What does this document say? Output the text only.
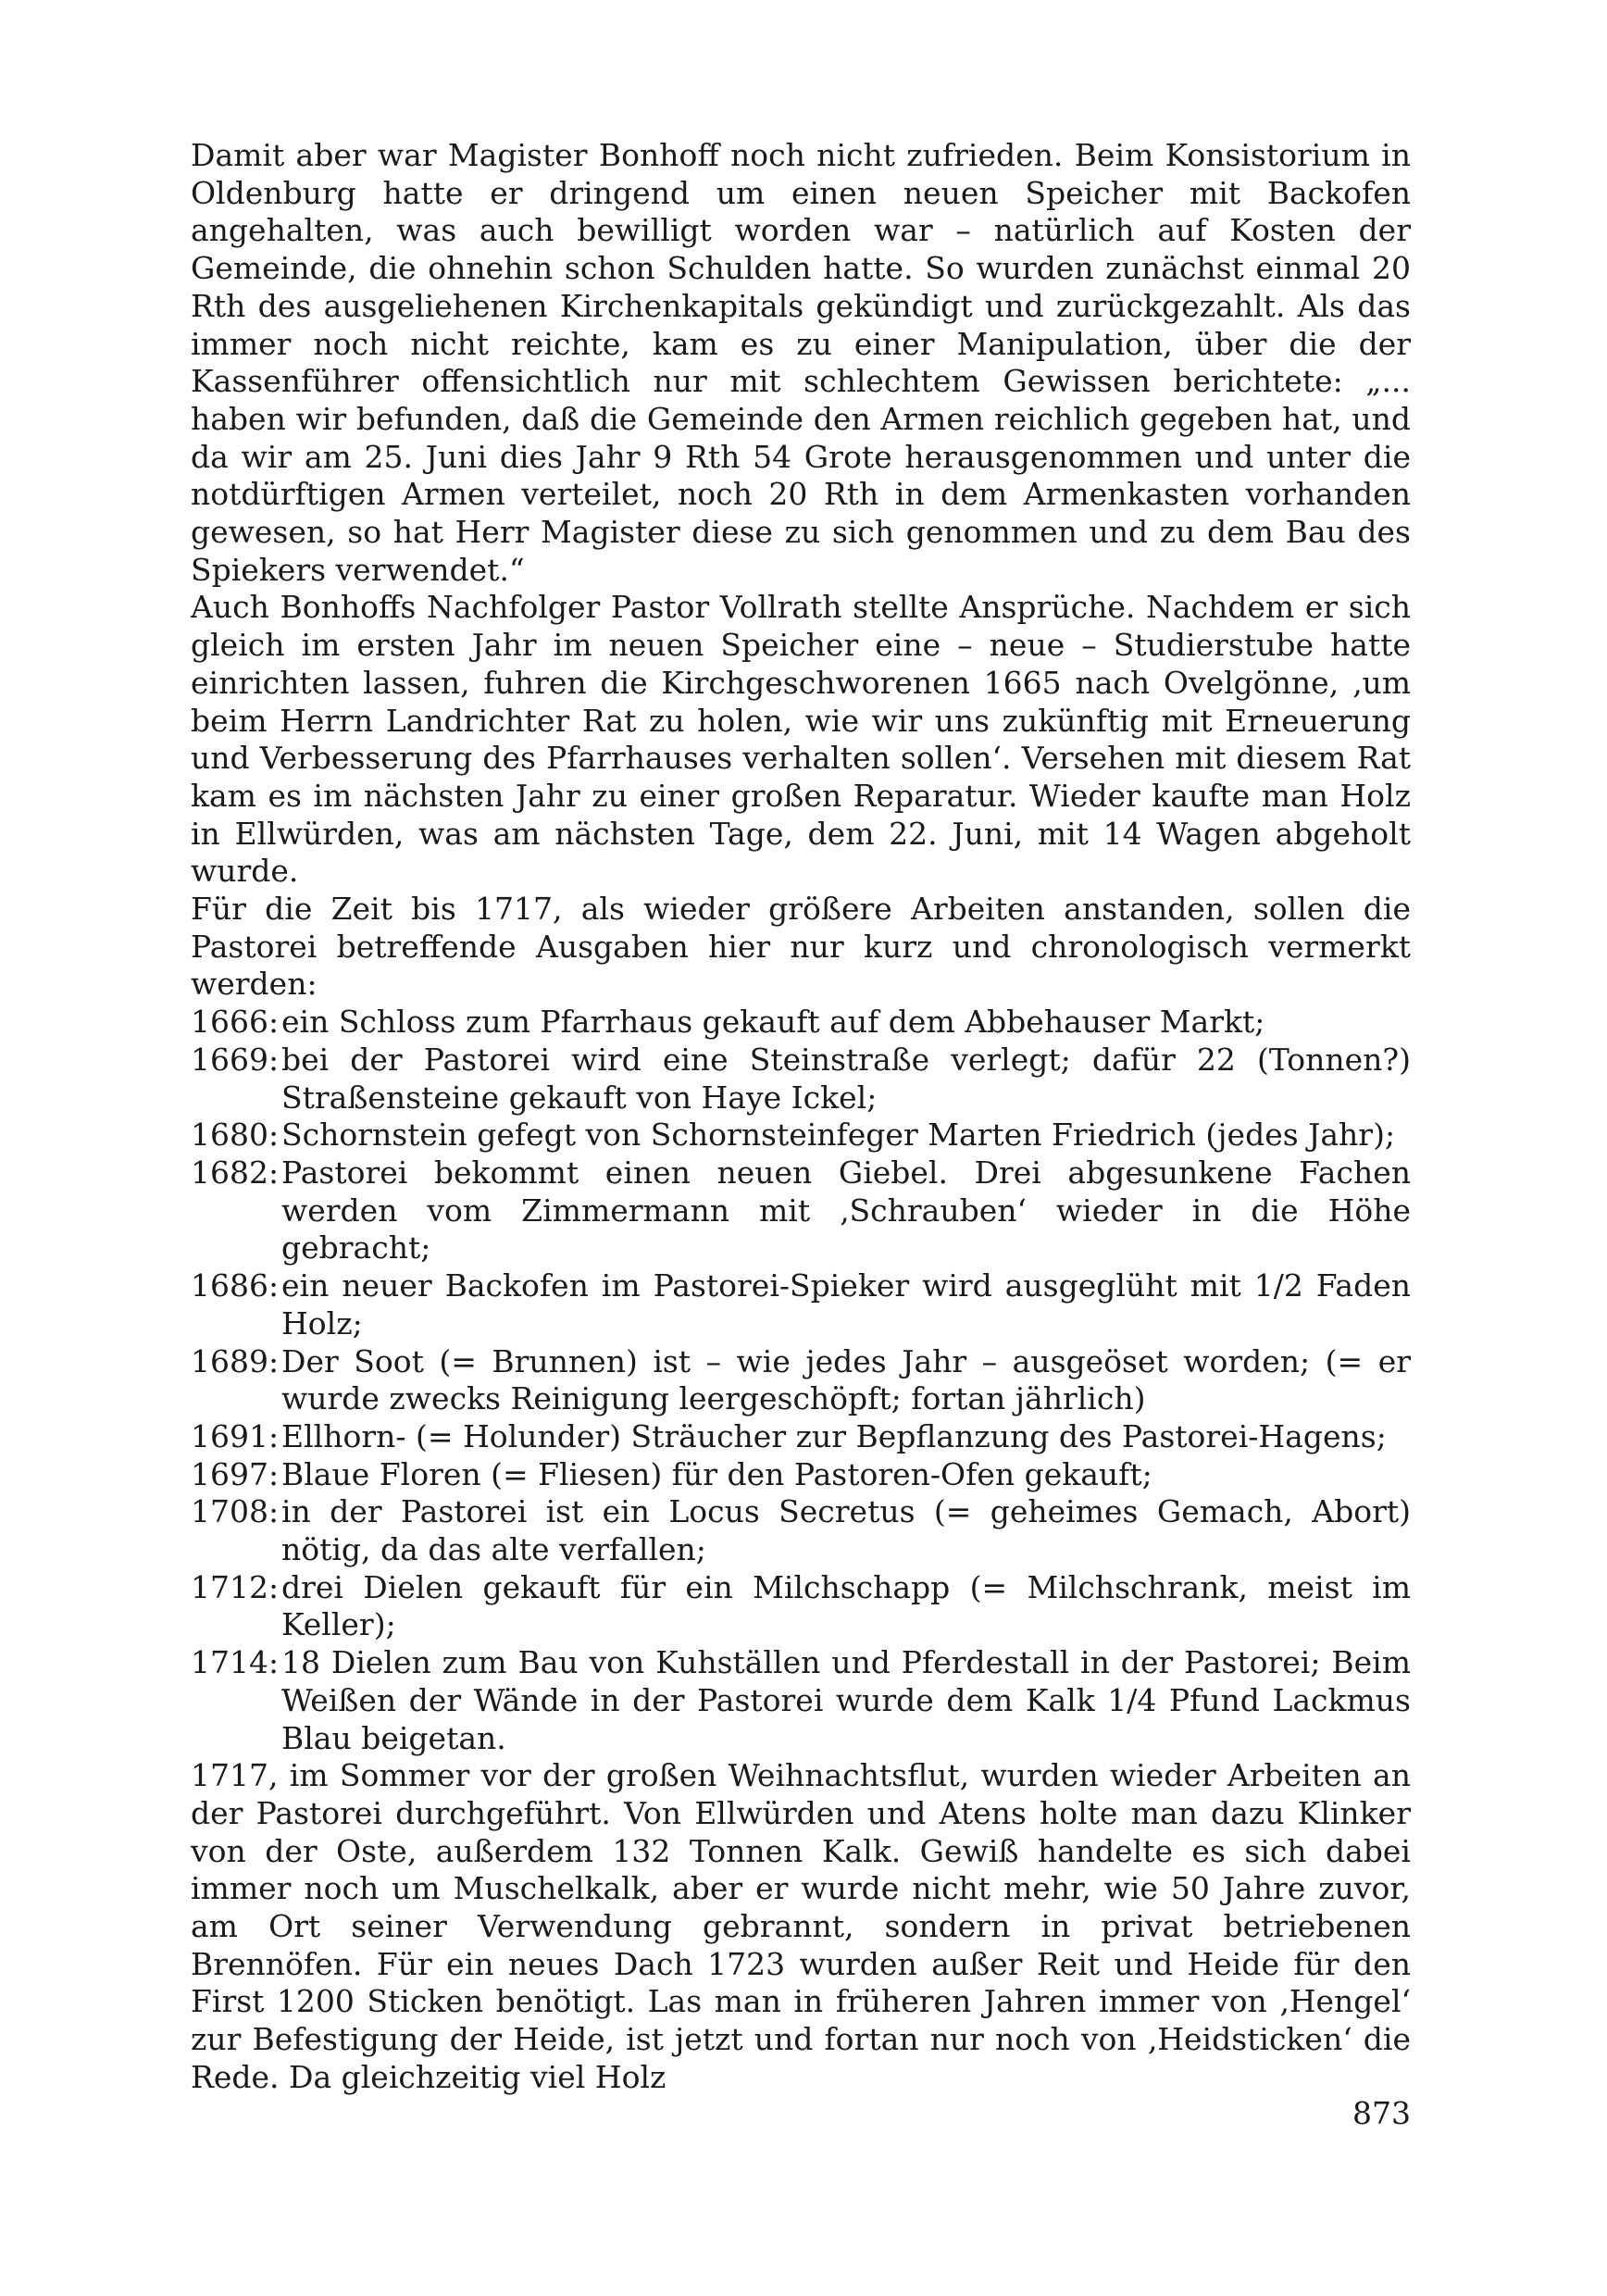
Damit aber war Magister Bonhoff noch nicht zufrieden. Beim Konsistorium in Oldenburg hatte er dringend um einen neuen Speicher mit Backofen angehalten, was auch bewilligt worden war – natürlich auf Kosten der Gemeinde, die ohnehin schon Schulden hatte. So wurden zunächst einmal 20 Rth des ausgeliehenen Kirchenkapitals gekündigt und zurückgezahlt. Als das immer noch nicht reichte, kam es zu einer Manipulation, über die der Kassenführer offensichtlich nur mit schlechtem Gewissen berichtete: „... haben wir befunden, daß die Gemeinde den Armen reichlich gegeben hat, und da wir am 25. Juni dies Jahr 9 Rth 54 Grote herausgenommen und unter die notdürftigen Armen verteilet, noch 20 Rth in dem Armenkasten vorhanden gewesen, so hat Herr Magister diese zu sich genommen und zu dem Bau des Spiekers verwendet.“

Auch Bonhoffs Nachfolger Pastor Vollrath stellte Ansprüche. Nachdem er sich gleich im ersten Jahr im neuen Speicher eine – neue – Studierstube hatte einrichten lassen, fuhren die Kirchgeschworenen 1665 nach Ovelgönne, ‚um beim Herrn Landrichter Rat zu holen, wie wir uns zukünftig mit Erneuerung und Verbesserung des Pfarrhauses verhalten sollen‘. Versehen mit diesem Rat kam es im nächsten Jahr zu einer großen Reparatur. Wieder kaufte man Holz in Ellwürden, was am nächsten Tage, dem 22. Juni, mit 14 Wagen abgeholt wurde.

Für die Zeit bis 1717, als wieder größere Arbeiten anstanden, sollen die Pastorei betreffende Ausgaben hier nur kurz und chronologisch vermerkt werden:

1666: ein Schloss zum Pfarrhaus gekauft auf dem Abbehauser Markt;
1669: bei der Pastorei wird eine Steinstraße verlegt; dafür 22 (Tonnen?) Straßensteine gekauft von Haye Ickel;
1680: Schornstein gefegt von Schornsteinfeger Marten Friedrich (jedes Jahr);
1682: Pastorei bekommt einen neuen Giebel. Drei abgesunkene Fachen werden vom Zimmermann mit ‚Schrauben‘ wieder in die Höhe gebracht;
1686: ein neuer Backofen im Pastorei-Spieker wird ausgeglüht mit 1/2 Faden Holz;
1689: Der Soot (= Brunnen) ist – wie jedes Jahr – ausgeöset worden; (= er wurde zwecks Reinigung leergeschöpft; fortan jährlich)
1691: Ellhorn- (= Holunder) Sträucher zur Bepflanzung des Pastorei-Hagens;
1697: Blaue Floren (= Fliesen) für den Pastoren-Ofen gekauft;
1708: in der Pastorei ist ein Locus Secretus (= geheimes Gemach, Abort) nötig, da das alte verfallen;
1712: drei Dielen gekauft für ein Milchschapp (= Milchschrank, meist im Keller);
1714: 18 Dielen zum Bau von Kuhställen und Pferdestall in der Pastorei; Beim Weißen der Wände in der Pastorei wurde dem Kalk 1/4 Pfund Lackmus Blau beigetan.

1717, im Sommer vor der großen Weihnachtsflut, wurden wieder Arbeiten an der Pastorei durchgeführt. Von Ellwürden und Atens holte man dazu Klinker von der Oste, außerdem 132 Tonnen Kalk. Gewiß handelte es sich dabei immer noch um Muschelkalk, aber er wurde nicht mehr, wie 50 Jahre zuvor, am Ort seiner Verwendung gebrannt, sondern in privat betriebenen Brennöfen. Für ein neues Dach 1723 wurden außer Reit und Heide für den First 1200 Sticken benötigt. Las man in früheren Jahren immer von ‚Hengel‘ zur Befestigung der Heide, ist jetzt und fortan nur noch von ‚Heidsticken‘ die Rede. Da gleichzeitig viel Holz

873
